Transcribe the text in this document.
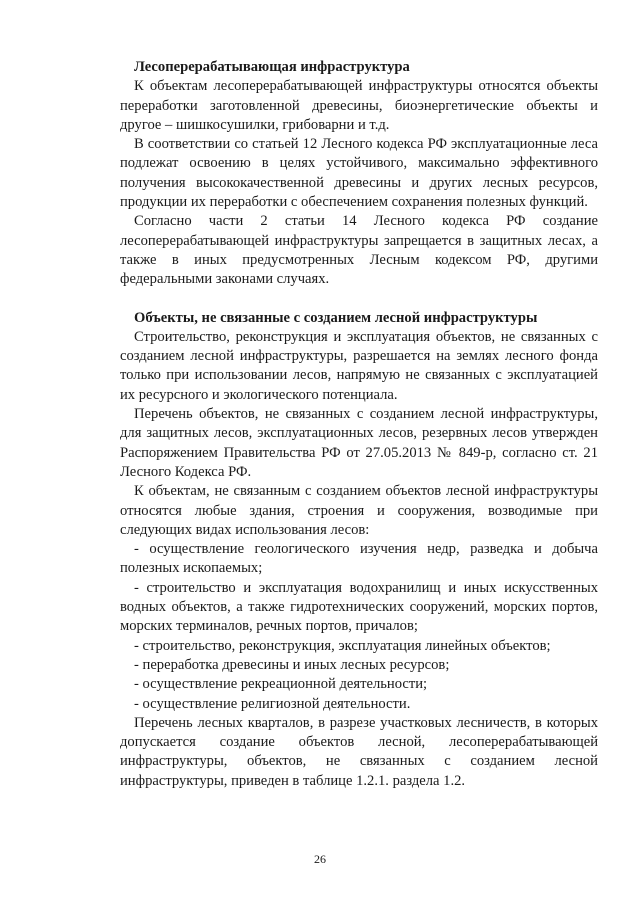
Лесоперерабатывающая инфраструктура

К объектам лесоперерабатывающей инфраструктуры относятся объекты переработки заготовленной древесины, биоэнергетические объекты и другое – шишкосушилки, грибоварни и т.д.

В соответствии со статьей 12 Лесного кодекса РФ эксплуатационные леса подлежат освоению в целях устойчивого, максимально эффективного получения высококачественной древесины и других лесных ресурсов, продукции их переработки с обеспечением сохранения полезных функций.

Согласно части 2 статьи 14 Лесного кодекса РФ создание лесоперерабатывающей инфраструктуры запрещается в защитных лесах, а также в иных предусмотренных Лесным кодексом РФ, другими федеральными законами случаях.

Объекты, не связанные с созданием лесной инфраструктуры

Строительство, реконструкция и эксплуатация объектов, не связанных с созданием лесной инфраструктуры, разрешается на землях лесного фонда только при использовании лесов, напрямую не связанных с эксплуатацией их ресурсного и экологического потенциала.

Перечень объектов, не связанных с созданием лесной инфраструктуры, для защитных лесов, эксплуатационных лесов, резервных лесов утвержден Распоряжением Правительства РФ от 27.05.2013 № 849-р, согласно ст. 21 Лесного Кодекса РФ.

К объектам, не связанным с созданием объектов лесной инфраструктуры относятся любые здания, строения и сооружения, возводимые при следующих видах использования лесов:

- осуществление геологического изучения недр, разведка и добыча полезных ископаемых;

- строительство и эксплуатация водохранилищ и иных искусственных водных объектов, а также гидротехнических сооружений, морских портов, морских терминалов, речных портов, причалов;

- строительство, реконструкция, эксплуатация линейных объектов;

- переработка древесины и иных лесных ресурсов;

- осуществление рекреационной деятельности;

- осуществление религиозной деятельности.

Перечень лесных кварталов, в разрезе участковых лесничеств, в которых допускается создание объектов лесной, лесоперерабатывающей инфраструктуры, объектов, не связанных с созданием лесной инфраструктуры, приведен в таблице 1.2.1. раздела 1.2.

26
